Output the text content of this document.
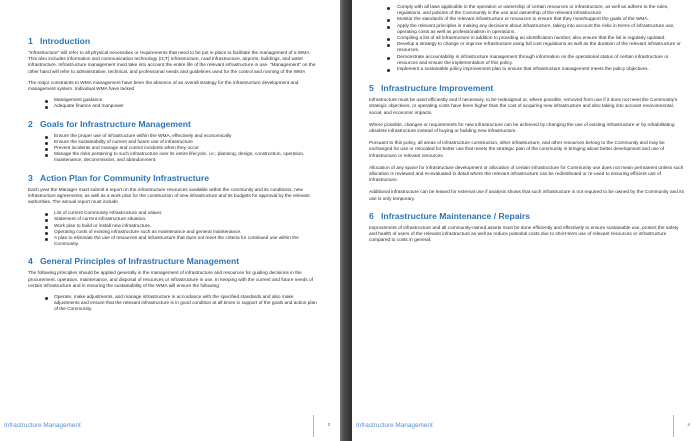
1 Introduction

"Infrastructure" will refer to all physical necessities or requirements that need to be put in place to facilitate the management of a WMA. This also includes information and communication technology (ICT) infrastructure, road infrastructure, airports, buildings, and water infrastructure. Infrastructure management must take into account the entire life of the relevant infrastructure in use. "Management" on the other hand will refer to administrative, technical, and professional needs and guidelines used for the control and running of the WMA

The major constraints to WMA management have been the absence of an overall strategy for the infrastructure development and management system. Individual WMA have lacked

Management guidance
Adequate finance and manpower
2 Goals for Infrastructure Management
Ensure the proper use of infrastructure within the WMA, effectively and economically
Ensure the sustainability of current and future use of infrastructure
Prevent incidents and manage and control incidents when they occur
Manage the risks pertaining to such infrastructure over its entire lifecycle, i.e.; planning, design, construction, operation, maintenance, decommission, and abandonment.
3 Action Plan for Community Infrastructure

Each year the Manager must submit a report on the infrastructure resources available within the community and its conditions, new infrastructure agreements, as well as a work plan for the construction of new infrastructure and its budgets for approval by the relevant authorities. The annual report must include

List of current Community infrastructure and values
Statement of current infrastructure situation.
Work plan to build or install new infrastructure.
Operating costs of existing infrastructure such as maintenance and general maintenance.
A plan to eliminate the use of resources and infrastructure that does not meet the criteria for continued use within the Community.
4 General Principles of Infrastructure Management

The following principles should be applied generally in the management of infrastructure and resources for guiding decisions in the procurement, operation, maintenance, and disposal of resources or infrastructure in use. In keeping with the current and future needs of certain infrastructure and in ensuring the sustainability of the WMA will ensure the following:

Operate, make adjustments, and manage infrastructure in accordance with the specified standards and also make adjustments and ensure that the relevant infrastructure is in good condition at all times in support of the goals and action plan of the Community.
Infrastructure Management	3
Comply with all laws applicable in the operation or ownership of certain resources or infrastructure, as well as adhere to the rules, regulations, and policies of the Community in the use and ownership of the relevant infrastructure
Monitor the standards of the relevant infrastructure or resources to ensure that they meet/support the goals of the WMA.
Apply the relevant principles in making any decisions about infrastructure, taking into account the risks in terms of infrastructure use, operating costs as well as professionalism in operations.
Compiling a list of all infrastructure in addition to providing an identification number, also ensure that the list is regularly updated.
Develop a strategy to change or improve infrastructure using full cost regulations as well as the duration of the relevant infrastructure or resources.
Demonstrate accountability in infrastructure management through information on the operational status of certain infrastructure or resources and ensure the implementation of this policy.
Implement a sustainable policy improvement plan to ensure that infrastructure management meets the policy objectives.
5 Infrastructure Improvement

Infrastructure must be used efficiently and if necessary, to be redesigned or, where possible, removed from use if it does not meet the Community's strategic objectives, or operating costs have been higher than the cost of acquiring new infrastructure and also taking into account environmental, social, and economic impacts.

Where possible, changes or requirements for new infrastructure can be achieved by changing the use of existing infrastructure or by rehabilitating obsolete infrastructure instead of buying or building new infrastructure.

Pursuant to this policy, all areas of infrastructure construction, other infrastructure, and other resources belong to the Community and may be exchanged for use or relocated for better use that meets the strategic plan of the community in bringing about better development and use of infrastructure or relevant resources.

Allocation of any space for infrastructure development or allocation of certain infrastructure for Community use does not mean permanent unless such allocation is reviewed and re-evaluated in detail where the relevant infrastructure can be redistributed or re-used to ensuring efficient use of infrastructure.

Additional infrastructure can be leased for external use if analysis shows that such infrastructure is not required to be owned by the Community and its use is only temporary.

6 Infrastructure Maintenance / Repairs

Improvement of infrastructure and all community-owned assets must be done efficiently and effectively to ensure sustainable use, protect the safety and health of users of the relevant infrastructure as well as reduce potential costs due to short-term use of relevant resources or infrastructure compared to costs in general.

Infrastructure Management	4
